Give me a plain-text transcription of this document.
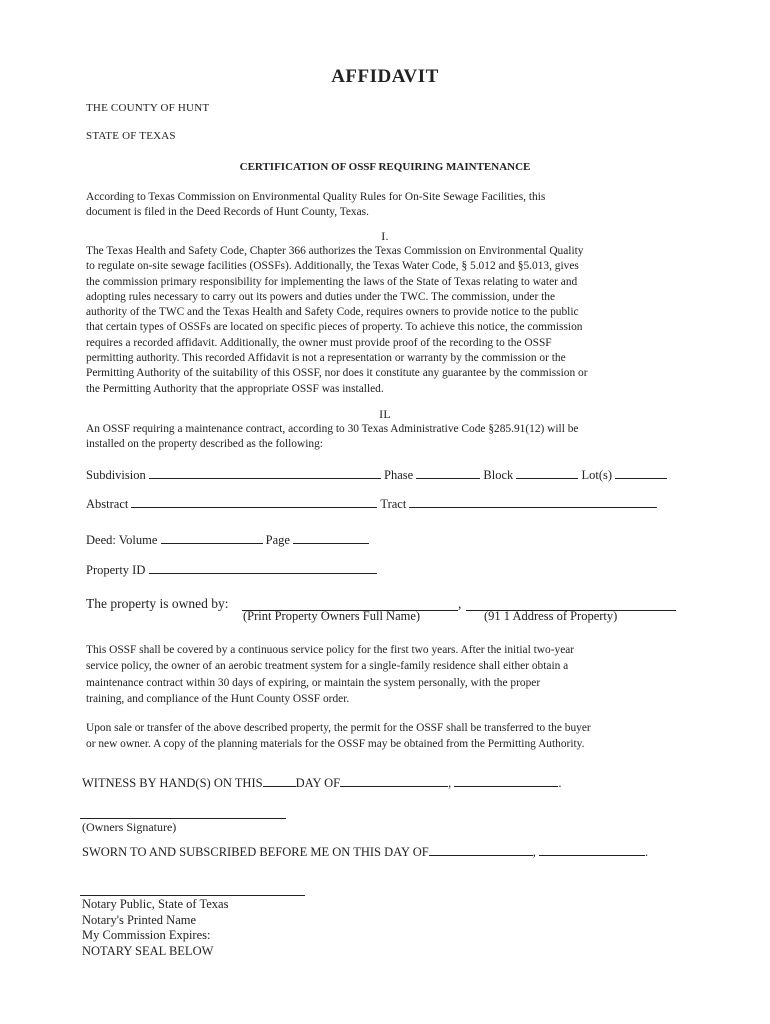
AFFIDAVIT
THE COUNTY OF HUNT
STATE OF TEXAS
CERTIFICATION OF OSSF REQUIRING MAINTENANCE
According to Texas Commission on Environmental Quality Rules for On-Site Sewage Facilities, this
document is filed in the Deed Records of Hunt County, Texas.
I.
The Texas Health and Safety Code, Chapter 366 authorizes the Texas Commission on Environmental Quality
to regulate on-site sewage facilities (OSSFs). Additionally, the Texas Water Code, § 5.012 and §5.013, gives
the commission primary responsibility for implementing the laws of the State of Texas relating to water and
adopting rules necessary to carry out its powers and duties under the TWC. The commission, under the
authority of the TWC and the Texas Health and Safety Code, requires owners to provide notice to the public
that certain types of OSSFs are located on specific pieces of property. To achieve this notice, the commission
requires a recorded affidavit. Additionally, the owner must provide proof of the recording to the OSSF
permitting authority. This recorded Affidavit is not a representation or warranty by the commission or the
Permitting Authority of the suitability of this OSSF, nor does it constitute any guarantee by the commission or
the Permitting Authority that the appropriate OSSF was installed.
IL
An OSSF requiring a maintenance contract, according to 30 Texas Administrative Code §285.91(12) will be
installed on the property described as the following:
Subdivision	Phase	Block	Lot(s)
Abstract	Tract
Deed: Volume	Page
Property ID
The property is owned by:	,
(Print Property Owners Full Name)	(91 1 Address of Property)
This OSSF shall be covered by a continuous service policy for the first two years. After the initial two-year
service policy, the owner of an aerobic treatment system for a single-family residence shall either obtain a
maintenance contract within 30 days of expiring, or maintain the system personally, with the proper
training, and compliance of the Hunt County OSSF order.
Upon sale or transfer of the above described property, the permit for the OSSF shall be transferred to the buyer
or new owner. A copy of the planning materials for the OSSF may be obtained from the Permitting Authority.
WITNESS BY HAND(S) ON THIS	DAY OF	,	.
(Owners Signature)
SWORN TO AND SUBSCRIBED BEFORE ME ON THIS DAY OF	,	.
Notary Public, State of Texas
Notary's Printed Name
My Commission Expires:
NOTARY SEAL BELOW
